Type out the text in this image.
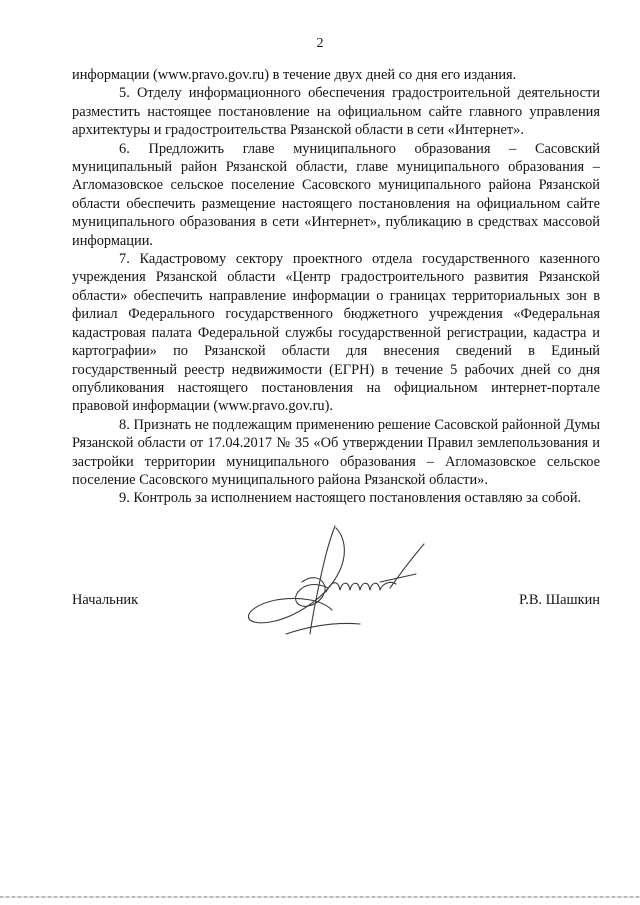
2

информации (www.pravo.gov.ru) в течение двух дней со дня его издания.

5. Отделу информационного обеспечения градостроительной деятельности разместить настоящее постановление на официальном сайте главного управления архитектуры и градостроительства Рязанской области в сети «Интернет».

6. Предложить главе муниципального образования – Сасовский муниципальный район Рязанской области, главе муниципального образования – Агломазовское сельское поселение Сасовского муниципального района Рязанской области обеспечить размещение настоящего постановления на официальном сайте муниципального образования в сети «Интернет», публикацию в средствах массовой информации.

7. Кадастровому сектору проектного отдела государственного казенного учреждения Рязанской области «Центр градостроительного развития Рязанской области» обеспечить направление информации о границах территориальных зон в филиал Федерального государственного бюджетного учреждения «Федеральная кадастровая палата Федеральной службы государственной регистрации, кадастра и картографии» по Рязанской области для внесения сведений в Единый государственный реестр недвижимости (ЕГРН) в течение 5 рабочих дней со дня опубликования настоящего постановления на официальном интернет-портале правовой информации (www.pravo.gov.ru).

8. Признать не подлежащим применению решение Сасовской районной Думы Рязанской области от 17.04.2017 № 35 «Об утверждении Правил землепользования и застройки территории муниципального образования – Агломазовское сельское поселение Сасовского муниципального района Рязанской области».

9. Контроль за исполнением настоящего постановления оставляю за собой.

Начальник	Р.В. Шашкин
